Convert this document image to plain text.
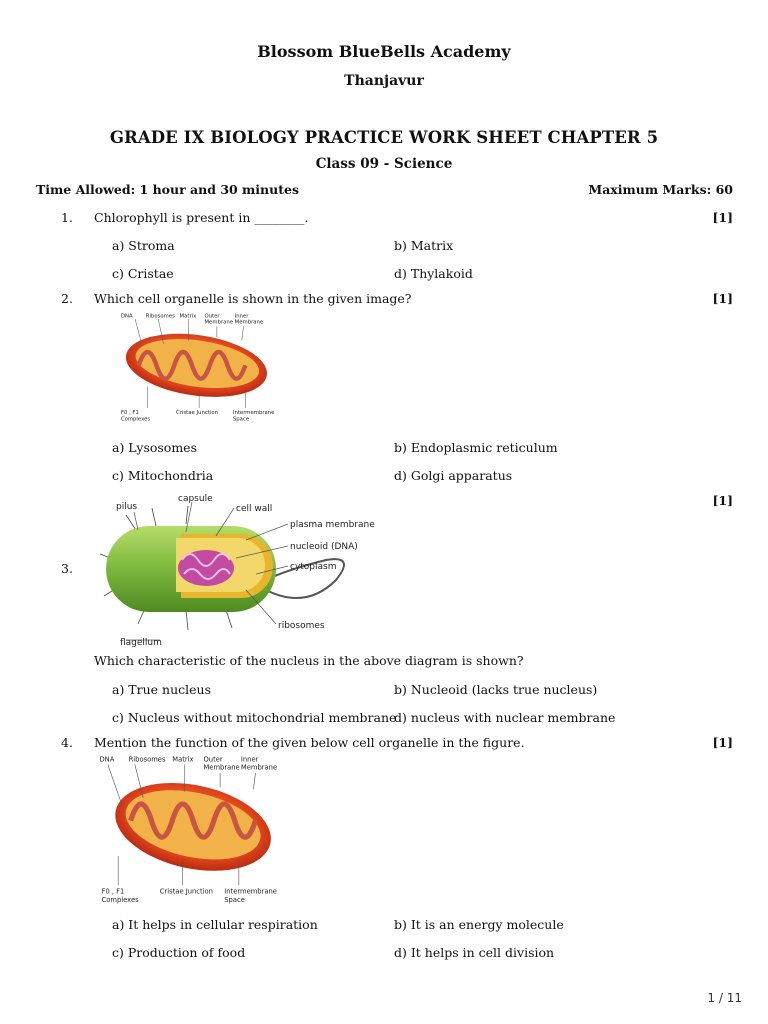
Blossom BlueBells Academy
Thanjavur
GRADE IX BIOLOGY PRACTICE WORK SHEET CHAPTER 5
Class 09 - Science
Time Allowed: 1 hour and 30 minutes	Maximum Marks: 60
1. Chlorophyll is present in ________.	[1]
a) Stroma	b) Matrix
c) Cristae	d) Thylakoid
2. Which cell organelle is shown in the given image?	[1]
DNA Ribosomes Matrix Outer
Membrane
Inner
Membrane
F0 , F1
Complexes
Cristae Junction Intermembrane
Space
a) Lysosomes	b) Endoplasmic reticulum
c) Mitochondria	d) Golgi apparatus
3.
[1]
pilus
capsule
cell wall
plasma membrane
nucleoid (DNA)
cytoplasm
ribosomes
flagellum
Which characteristic of the nucleus in the above diagram is shown?
a) True nucleus	b) Nucleoid (lacks true nucleus)
c) Nucleus without mitochondrial membrane
d) nucleus with nuclear membrane
4. Mention the function of the given below cell organelle in the figure.	[1]
DNA Ribosomes Matrix Outer
Membrane
Inner
Membrane
F0 , F1
Complexes
Cristae Junction Intermembrane
Space
a) It helps in cellular respiration	b) It is an energy molecule
c) Production of food	d) It helps in cell division
1 / 11
